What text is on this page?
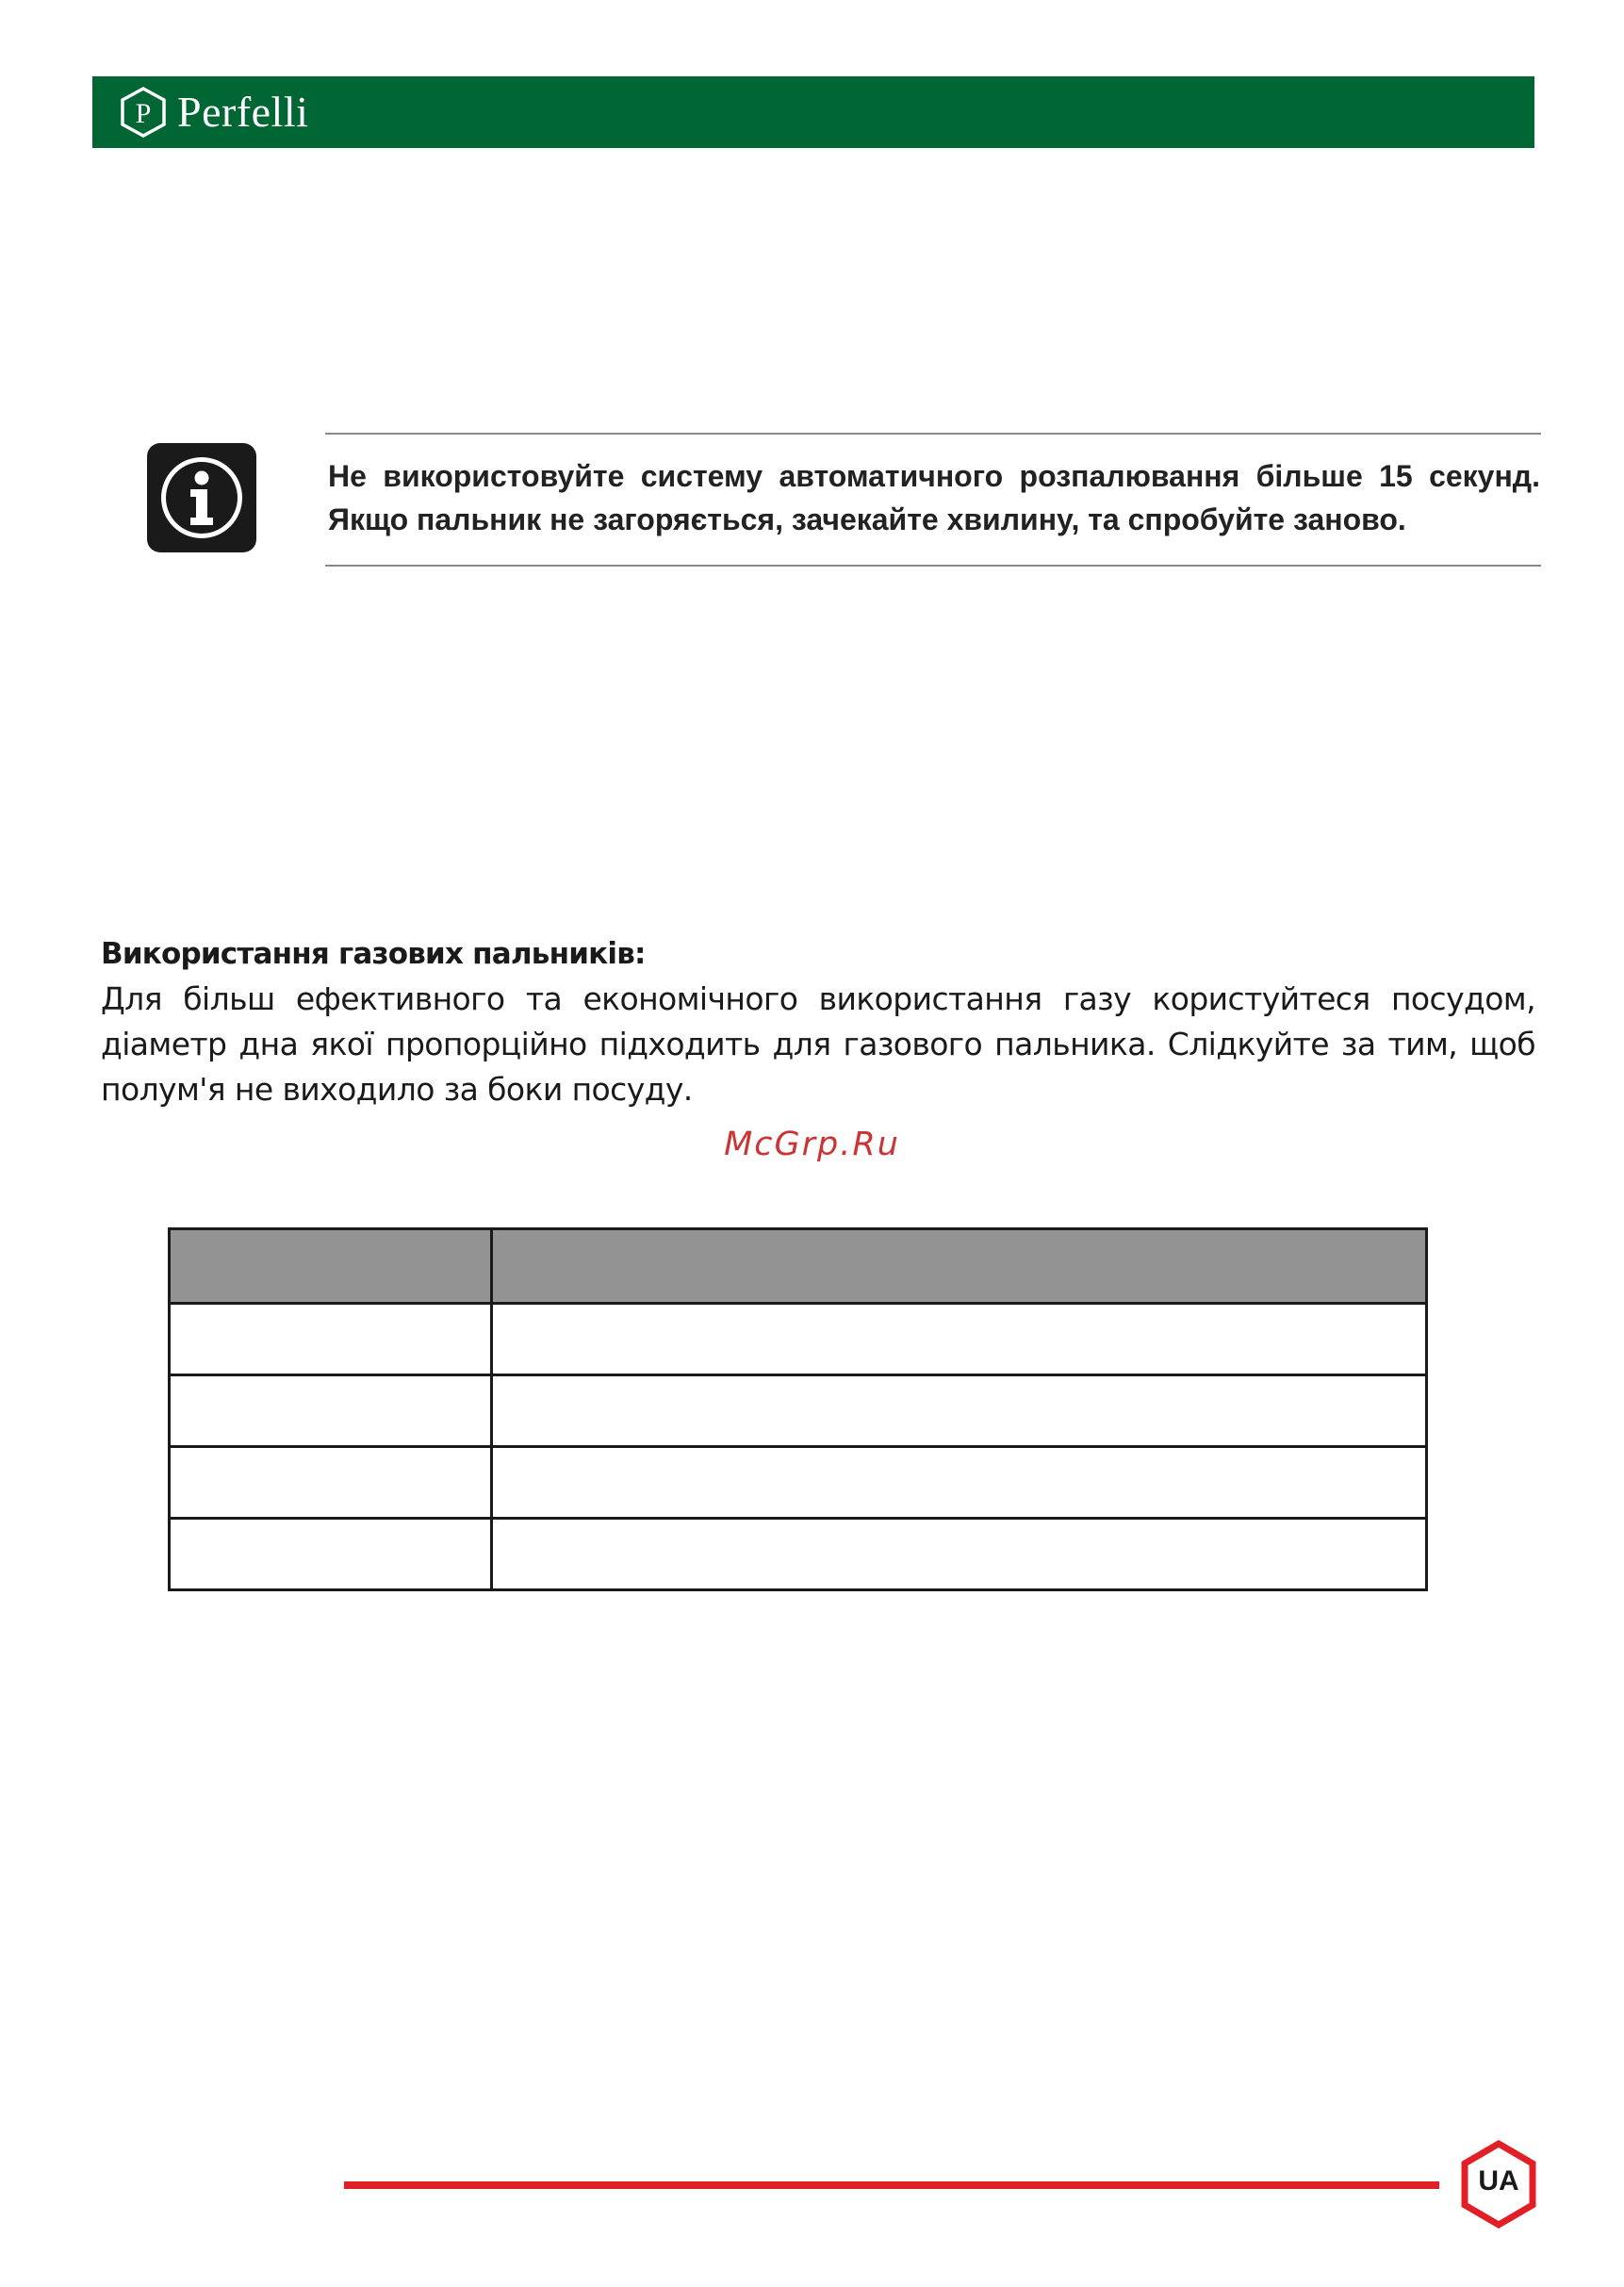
P Perfelli
Не використовуйте систему автоматичного розпалювання більше 15 секунд.
Якщо пальник не загоряється, зачекайте хвилину, та спробуйте заново.

Використання газових пальників:

Для більш ефективного та економічного використання газу користуйтеся посудом, діаметр дна якої пропорційно підходить для газового пальника. Слідкуйте за тим, щоб полум'я не виходило за боки посуду.

McGrp.Ru

UA
